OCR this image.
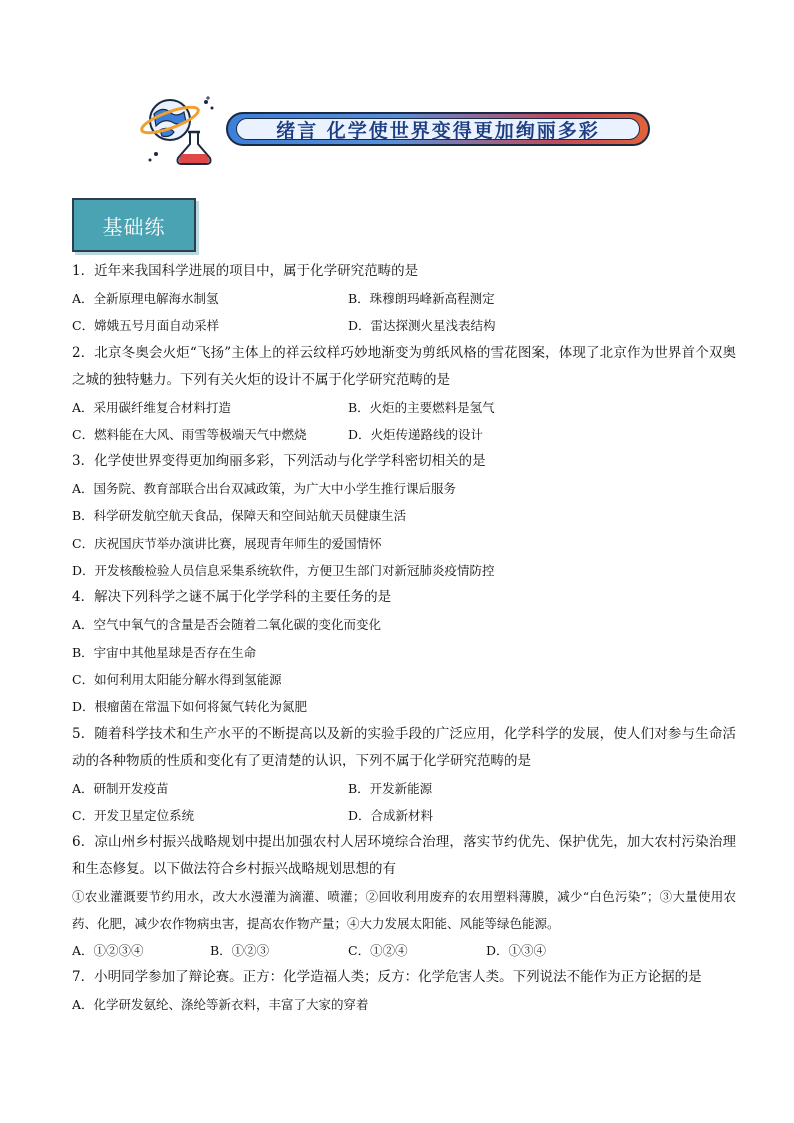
绪言 化学使世界变得更加绚丽多彩
基础练

1．近年来我国科学进展的项目中，属于化学研究范畴的是

A．全新原理电解海水制氢	B．珠穆朗玛峰新高程测定
C．嫦娥五号月面自动采样	D．雷达探测火星浅表结构

2．北京冬奥会火炬“飞扬”主体上的祥云纹样巧妙地渐变为剪纸风格的雪花图案，体现了北京作为世界首个双奥之城的独特魅力。下列有关火炬的设计不属于化学研究范畴的是

A．采用碳纤维复合材料打造	B．火炬的主要燃料是氢气
C．燃料能在大风、雨雪等极端天气中燃烧	D．火炬传递路线的设计

3．化学使世界变得更加绚丽多彩，下列活动与化学学科密切相关的是

A．国务院、教育部联合出台双减政策，为广大中小学生推行课后服务

B．科学研发航空航天食品，保障天和空间站航天员健康生活

C．庆祝国庆节举办演讲比赛，展现青年师生的爱国情怀

D．开发核酸检验人员信息采集系统软件，方便卫生部门对新冠肺炎疫情防控

4．解决下列科学之谜不属于化学学科的主要任务的是

A．空气中氧气的含量是否会随着二氧化碳的变化而变化

B．宇宙中其他星球是否存在生命

C．如何利用太阳能分解水得到氢能源

D．根瘤菌在常温下如何将氮气转化为氮肥

5．随着科学技术和生产水平的不断提高以及新的实验手段的广泛应用，化学科学的发展，使人们对参与生命活动的各种物质的性质和变化有了更清楚的认识，下列不属于化学研究范畴的是

A．研制开发疫苗	B．开发新能源
C．开发卫星定位系统	D．合成新材料

6．凉山州乡村振兴战略规划中提出加强农村人居环境综合治理，落实节约优先、保护优先，加大农村污染治理和生态修复。以下做法符合乡村振兴战略规划思想的有

①农业灌溉要节约用水，改大水漫灌为滴灌、喷灌；②回收利用废弃的农用塑料薄膜，减少“白色污染”；③大量使用农药、化肥，减少农作物病虫害，提高农作物产量；④大力发展太阳能、风能等绿色能源。

A．①②③④	B．①②③	C．①②④	D．①③④

7．小明同学参加了辩论赛。正方：化学造福人类；反方：化学危害人类。下列说法不能作为正方论据的是

A．化学研发氨纶、涤纶等新衣料，丰富了大家的穿着
